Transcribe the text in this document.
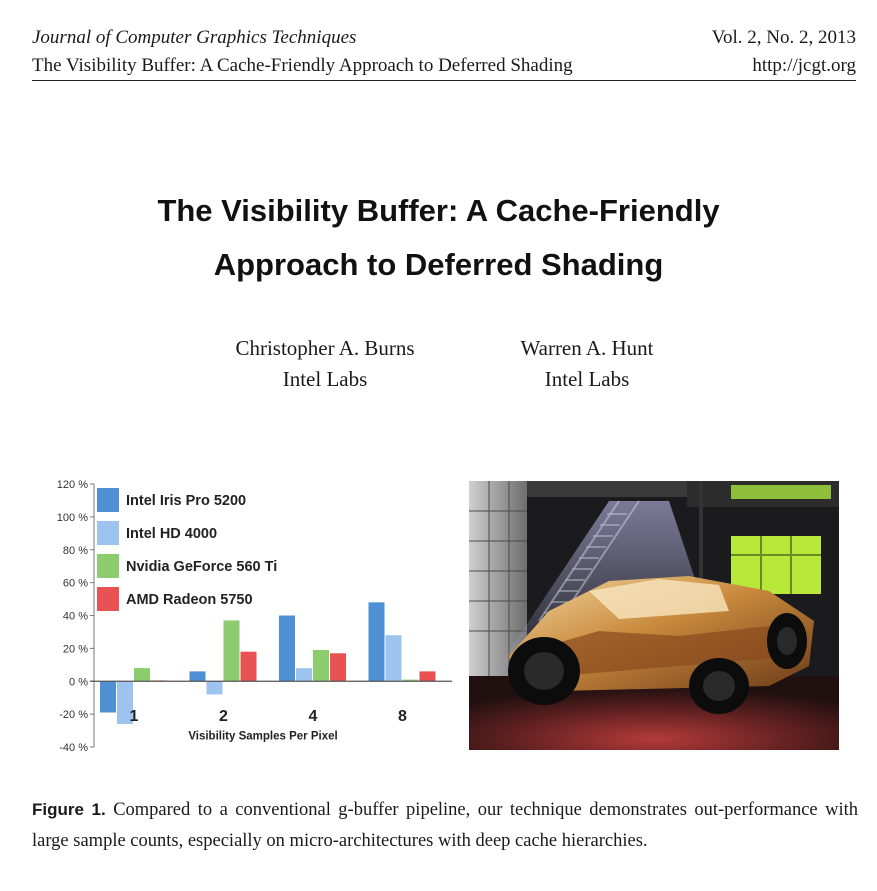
Journal of Computer Graphics Techniques	Vol. 2, No. 2, 2013
The Visibility Buffer: A Cache-Friendly Approach to Deferred Shading	http://jcgt.org
The Visibility Buffer: A Cache-Friendly
Approach to Deferred Shading
Christopher A. Burns
Intel Labs
Warren A. Hunt
Intel Labs
-40 %
-20 %
0 %
20 %
40 %
60 %
80 %
100 %
120 %
1	2	4	8
Visibility Samples Per Pixel
Intel Iris Pro 5200
Intel HD 4000
Nvidia GeForce 560 Ti
AMD Radeon 5750
Figure 1. Compared to a conventional g-buffer pipeline, our technique demonstrates out-performance with large sample counts, especially on micro-architectures with deep cache hierarchies.
